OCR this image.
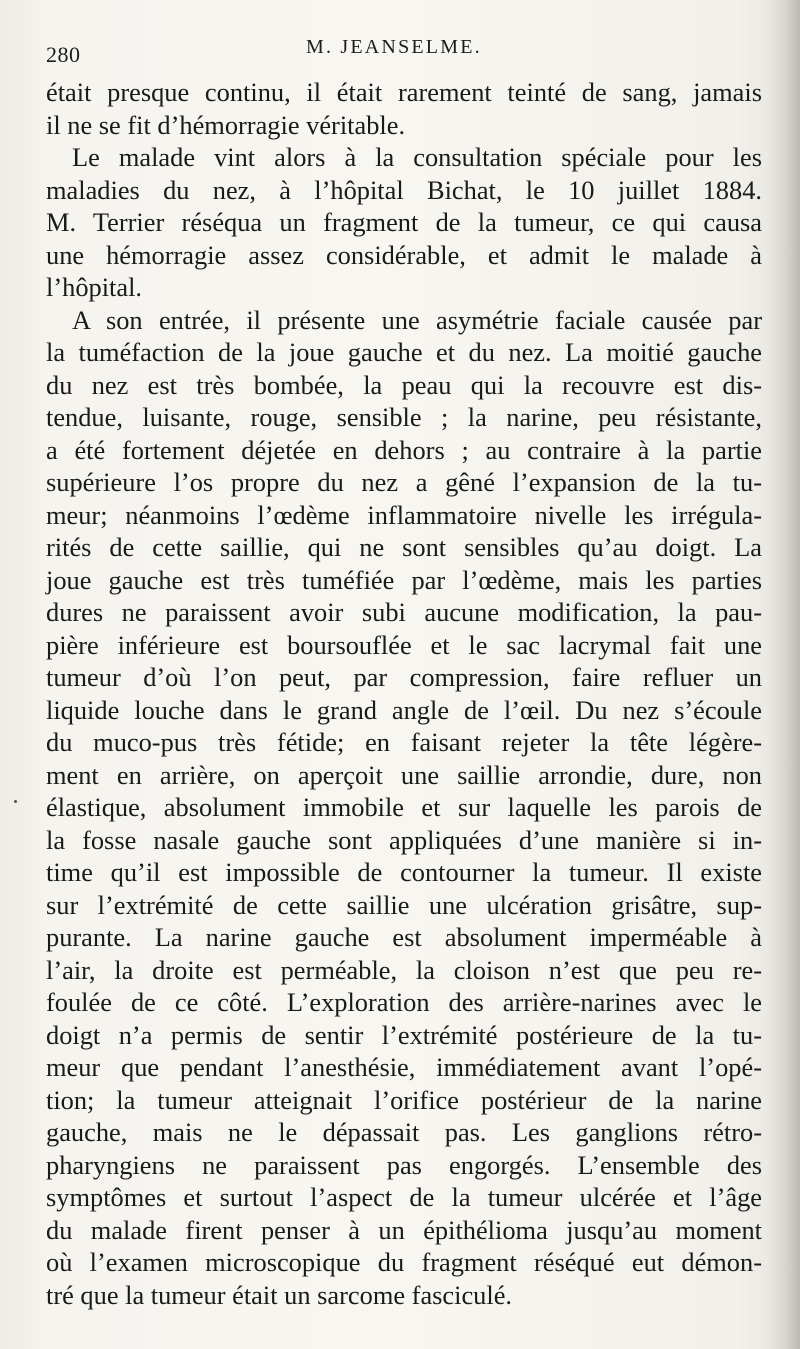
280	M. JEANSELME.

était presque continu, il était rarement teinté de sang, jamais
il ne se fit d’hémorragie véritable.

Le malade vint alors à la consultation spéciale pour les
maladies du nez, à l’hôpital Bichat, le 10 juillet 1884.
M. Terrier réséqua un fragment de la tumeur, ce qui causa
une hémorragie assez considérable, et admit le malade à
l’hôpital.

A son entrée, il présente une asymétrie faciale causée par
la tuméfaction de la joue gauche et du nez. La moitié gauche
du nez est très bombée, la peau qui la recouvre est dis-
tendue, luisante, rouge, sensible ; la narine, peu résistante,
a été fortement déjetée en dehors ; au contraire à la partie
supérieure l’os propre du nez a gêné l’expansion de la tu-
meur; néanmoins l’œdème inflammatoire nivelle les irrégula-
rités de cette saillie, qui ne sont sensibles qu’au doigt. La
joue gauche est très tuméfiée par l’œdème, mais les parties
dures ne paraissent avoir subi aucune modification, la pau-
pière inférieure est boursouflée et le sac lacrymal fait une
tumeur d’où l’on peut, par compression, faire refluer un
liquide louche dans le grand angle de l’œil. Du nez s’écoule
du muco-pus très fétide; en faisant rejeter la tête légère-
ment en arrière, on aperçoit une saillie arrondie, dure, non
élastique, absolument immobile et sur laquelle les parois de
la fosse nasale gauche sont appliquées d’une manière si in-
time qu’il est impossible de contourner la tumeur. Il existe
sur l’extrémité de cette saillie une ulcération grisâtre, sup-
purante. La narine gauche est absolument imperméable à
l’air, la droite est perméable, la cloison n’est que peu re-
foulée de ce côté. L’exploration des arrière-narines avec le
doigt n’a permis de sentir l’extrémité postérieure de la tu-
meur que pendant l’anesthésie, immédiatement avant l’opé-
tion; la tumeur atteignait l’orifice postérieur de la narine
gauche, mais ne le dépassait pas. Les ganglions rétro-
pharyngiens ne paraissent pas engorgés. L’ensemble des
symptômes et surtout l’aspect de la tumeur ulcérée et l’âge
du malade firent penser à un épithélioma jusqu’au moment
où l’examen microscopique du fragment réséqué eut démon-
tré que la tumeur était un sarcome fasciculé.
